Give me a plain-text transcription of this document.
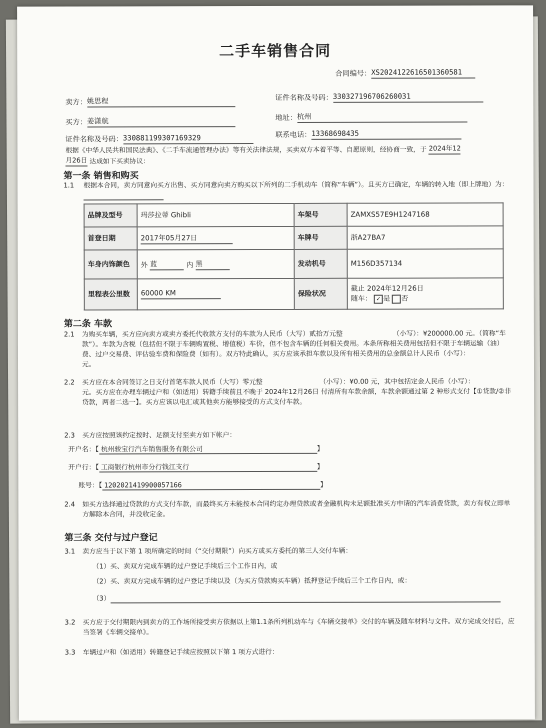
二手车销售合同
合同编号：XS2024122616501360581
卖方：姚思程	证件名称及号码：330327196706260031
买方：姜潇航	地址：杭州
证件名称及号码：330881199307169329	联系电话：13368698435
根据《中华人民共和国民法典》、《二手车流通管理办法》等有关法律法规，买卖双方本着平等、自愿原则，经协商一致，于 2024年12
月26日 达成如下买卖协议：
第一条 销售和购买
1.1	根据本合同，卖方同意向买方出售、买方同意向卖方购买以下所列的二手机动车（简称“车辆”）。且买方已确定，车辆的转入地（即上牌地）为：
品牌及型号	玛莎拉蒂 Ghibli	车架号	ZAMXS57E9H1247168
首登日期	2017年05月27日	车牌号	浙A27BA7
车身内饰颜色	外 蓝 内 黑	发动机号	M156D357134
里程表公里数	60000 KM	保险状况	截止 2024年12月26日
随车： ✓ 是 否
第二条 车款
2.1	为购买车辆，买方应向卖方或卖方委托代收款方支付的车款为人民币（大写）贰拾万元整　　　　　　　　（小写）：¥200000.00 元。（简称“车款”）。车款为含税（包括但不限于车辆购置税、增值税）车价，但不包含车辆的任何相关费用。本条所称相关费用包括但不限于车辆运输（油）费、过户交易费、评估验车费和保险费（如有）。双方特此确认，买方应该承担车款以及所有相关费用的总金额总计人民币（小写）：　　　　　　元。
2.2	买方应在本合同签订之日支付首笔车款人民币（大写）零元整　　　　　　　　　（小写）：¥0.00 元，其中包括定金人民币（小写）：　　　　　　元。买方应在办理车辆过户和（如适用）转籍手续前且不晚于 2024年12月26日 付清所有车款余额，车款余额通过第 2 种形式支付【①贷款/②非贷款，两者二选一】。买方应该以电汇或其他卖方能够接受的方式支付车款。
2.3	买方应按照该约定按时、足额支付至卖方如下帐户：
开户名：【 杭州骏宝行汽车销售服务有限公司	】
开户行：【 工商银行杭州市分行钱江支行	】
账号：【 1202021419900057166	】
2.4	如买方选择通过贷款的方式支付车款，而最终买方未能按本合同约定办理贷款或者金融机构未足额批准买方申请的汽车消费贷款，卖方有权立即单方解除本合同，并没收定金。
第三条 交付与过户登记
3.1	卖方应当于以下第 1 项所确定的时间（“交付期限”）向买方或买方委托的第三人交付车辆：
（1）买、卖双方完成车辆的过户登记手续后三个工作日内，或
（2）买、卖双方完成车辆的过户登记手续以及（为买方贷款购买车辆）抵押登记手续后三个工作日内，或：
（3）
3.2	买方应于交付期限内到卖方的工作场所接受卖方依据以上第1.1条所列机动车与《车辆交接单》交付的车辆及随车材料与文件。双方完成交付后，应当签署《车辆交接单》。
3.3	车辆过户和（如适用）转籍登记手续应按照以下第 1 项方式进行：
